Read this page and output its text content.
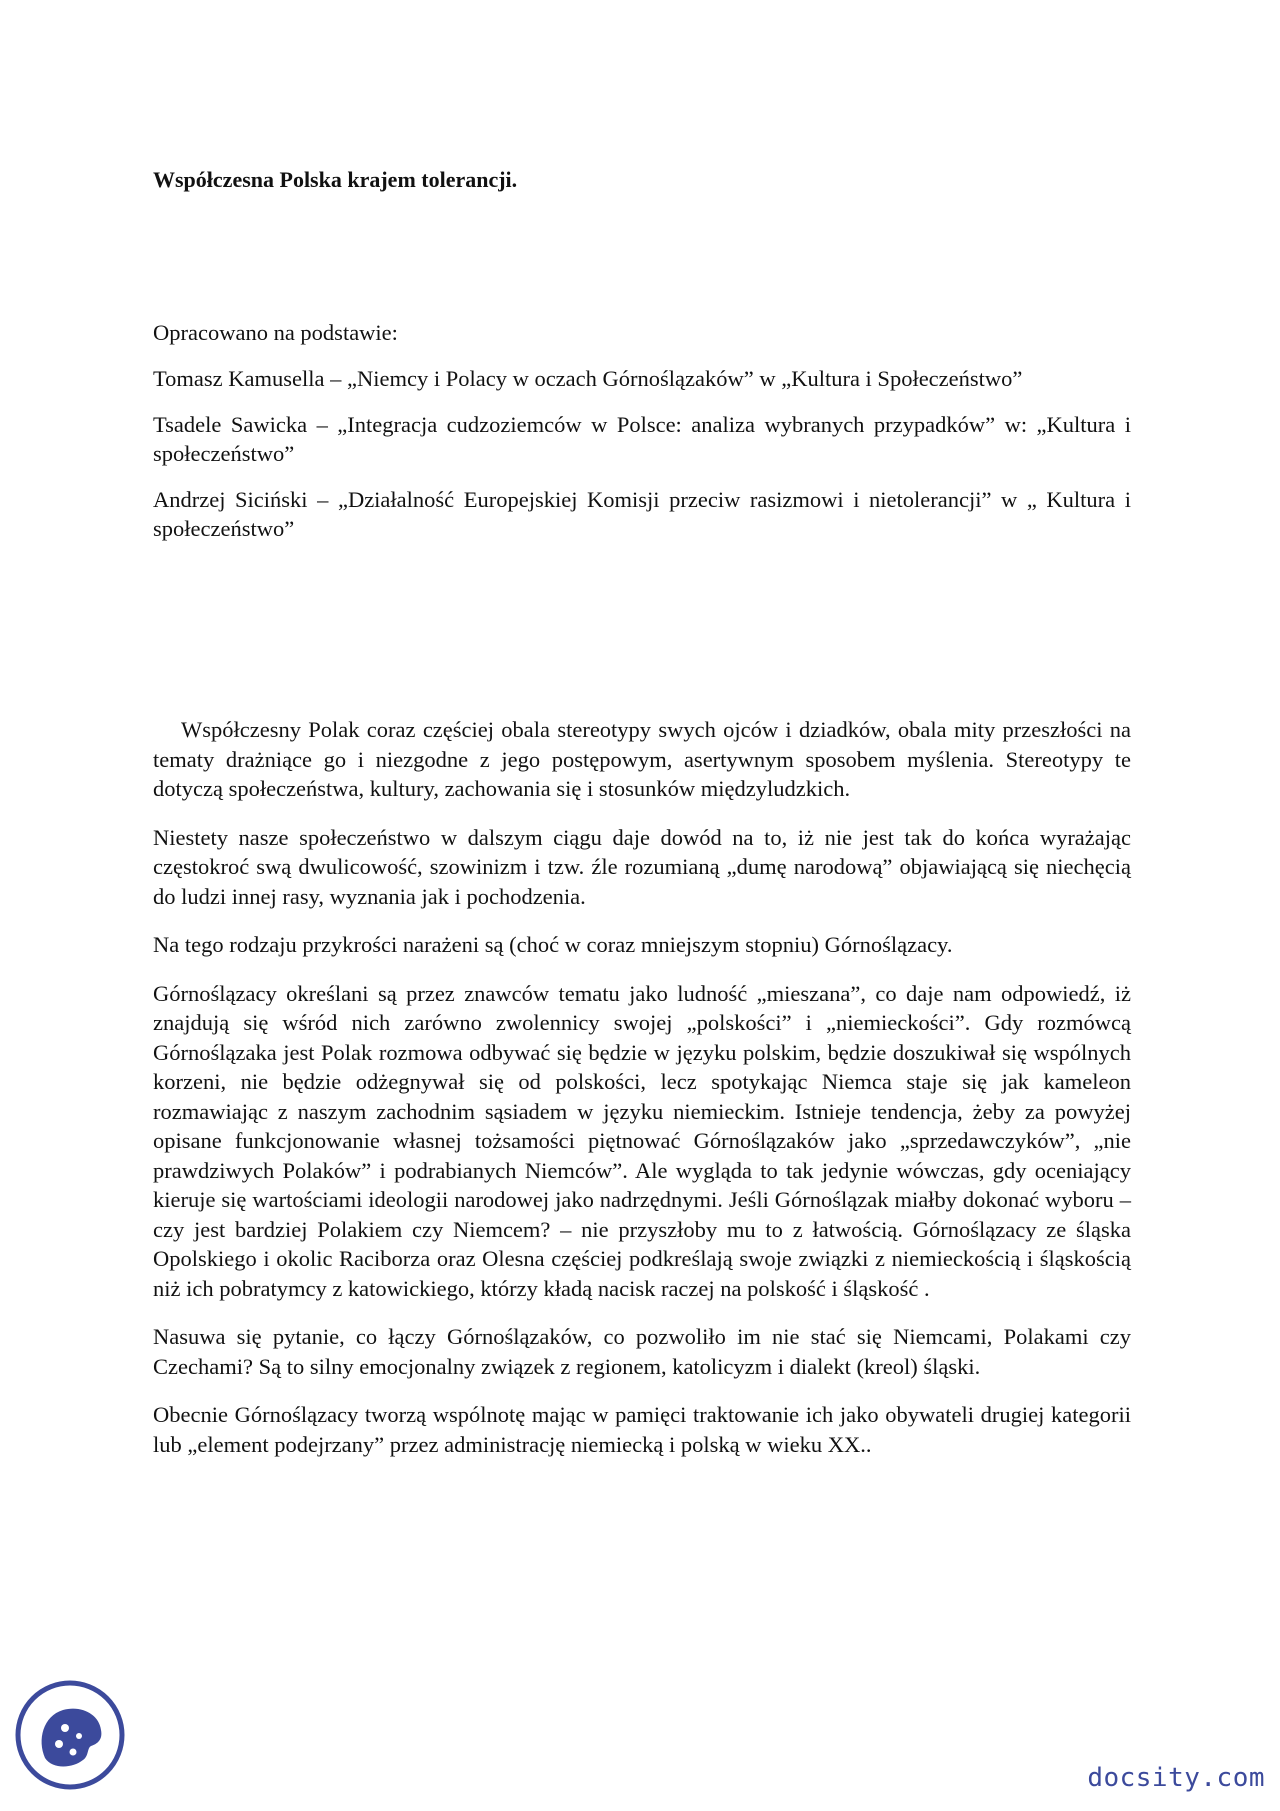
Współczesna Polska krajem tolerancji.

Opracowano na podstawie:

Tomasz Kamusella – „Niemcy i Polacy w oczach Górnoślązaków” w „Kultura i Społeczeństwo”

Tsadele Sawicka – „Integracja cudzoziemców w Polsce: analiza wybranych przypadków” w: „Kultura i społeczeństwo”

Andrzej Siciński – „Działalność Europejskiej Komisji przeciw rasizmowi i nietolerancji” w „ Kultura i społeczeństwo”

Współczesny Polak coraz częściej obala stereotypy swych ojców i dziadków, obala mity przeszłości na tematy drażniące go i niezgodne z jego postępowym, asertywnym sposobem myślenia. Stereotypy te dotyczą społeczeństwa, kultury, zachowania się i stosunków międzyludzkich.

Niestety nasze społeczeństwo w dalszym ciągu daje dowód na to, iż nie jest tak do końca wyrażając częstokroć swą dwulicowość, szowinizm i tzw. źle rozumianą „dumę narodową” objawiającą się niechęcią do ludzi innej rasy, wyznania jak i pochodzenia.

Na tego rodzaju przykrości narażeni są (choć w coraz mniejszym stopniu) Górnoślązacy.

Górnoślązacy określani są przez znawców tematu jako ludność „mieszana”, co daje nam odpowiedź, iż znajdują się wśród nich zarówno zwolennicy swojej „polskości” i „niemieckości”. Gdy rozmówcą Górnoślązaka jest Polak rozmowa odbywać się będzie w języku polskim, będzie doszukiwał się wspólnych korzeni, nie będzie odżegnywał się od polskości, lecz spotykając Niemca staje się jak kameleon rozmawiając z naszym zachodnim sąsiadem w języku niemieckim. Istnieje tendencja, żeby za powyżej opisane funkcjonowanie własnej tożsamości piętnować Górnoślązaków jako „sprzedawczyków”, „nie prawdziwych Polaków” i podrabianych Niemców”. Ale wygląda to tak jedynie wówczas, gdy oceniający kieruje się wartościami ideologii narodowej jako nadrzędnymi. Jeśli Górnoślązak miałby dokonać wyboru – czy jest bardziej Polakiem czy Niemcem? – nie przyszłoby mu to z łatwością. Górnoślązacy ze śląska Opolskiego i okolic Raciborza oraz Olesna częściej podkreślają swoje związki z niemieckością i śląskością niż ich pobratymcy z katowickiego, którzy kładą nacisk raczej na polskość i śląskość .

Nasuwa się pytanie, co łączy Górnoślązaków, co pozwoliło im nie stać się Niemcami, Polakami czy Czechami? Są to silny emocjonalny związek z regionem, katolicyzm i dialekt (kreol) śląski.

Obecnie Górnoślązacy tworzą wspólnotę mając w pamięci traktowanie ich jako obywateli drugiej kategorii lub „element podejrzany” przez administrację niemiecką i polską w wieku XX..

docsity.com
